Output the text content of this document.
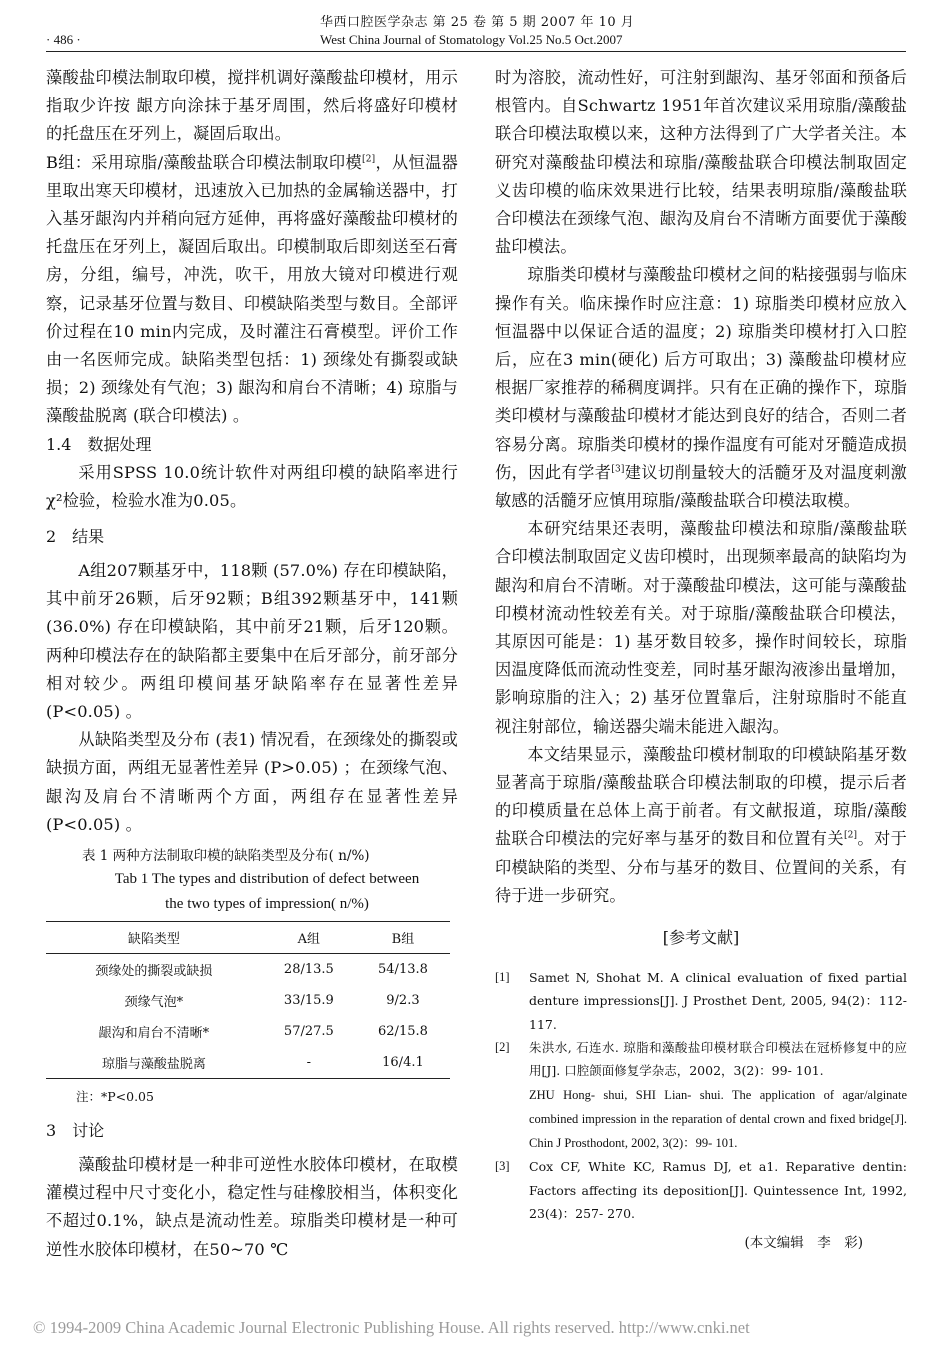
华西口腔医学杂志 第 25 卷 第 5 期 2007 年 10 月
· 486 ·	West China Journal of Stomatology Vol.25 No.5 Oct.2007

藻酸盐印模法制取印模，搅拌机调好藻酸盐印模材，用示指取少许按 龈方向涂抹于基牙周围，然后将盛好印模材的托盘压在牙列上，凝固后取出。

B组：采用琼脂/藻酸盐联合印模法制取印模[2]，从恒温器里取出寒天印模材，迅速放入已加热的金属输送器中，打入基牙龈沟内并稍向冠方延伸，再将盛好藻酸盐印模材的托盘压在牙列上，凝固后取出。印模制取后即刻送至石膏房，分组，编号，冲洗，吹干，用放大镜对印模进行观察，记录基牙位置与数目、印模缺陷类型与数目。全部评价过程在10 min内完成，及时灌注石膏模型。评价工作由一名医师完成。缺陷类型包括：1) 颈缘处有撕裂或缺损；2) 颈缘处有气泡；3) 龈沟和肩台不清晰；4) 琼脂与藻酸盐脱离 (联合印模法) 。

1.4　数据处理

采用SPSS 10.0统计软件对两组印模的缺陷率进行χ²检验，检验水准为0.05。

2　结果

A组207颗基牙中，118颗 (57.0%) 存在印模缺陷，其中前牙26颗，后牙92颗；B组392颗基牙中，141颗 (36.0%) 存在印模缺陷，其中前牙21颗，后牙120颗。两种印模法存在的缺陷都主要集中在后牙部分，前牙部分相对较少。两组印模间基牙缺陷率存在显著性差异 (P<0.05) 。

从缺陷类型及分布 (表1) 情况看，在颈缘处的撕裂或缺损方面，两组无显著性差异 (P>0.05) ；在颈缘气泡、龈沟及肩台不清晰两个方面，两组存在显著性差异 (P<0.05) 。

表 1 两种方法制取印模的缺陷类型及分布( n/%)

Tab 1 The types and distribution of defect between

the two types of impression( n/%)

缺陷类型	A组	B组
颈缘处的撕裂或缺损	28/13.5	54/13.8
颈缘气泡*	33/15.9	9/2.3
龈沟和肩台不清晰*	57/27.5	62/15.8
琼脂与藻酸盐脱离	-	16/4.1

注：*P<0.05

3　讨论

藻酸盐印模材是一种非可逆性水胶体印模材，在取模灌模过程中尺寸变化小，稳定性与硅橡胶相当，体积变化不超过0.1%，缺点是流动性差。琼脂类印模材是一种可逆性水胶体印模材，在50~70 ℃

时为溶胶，流动性好，可注射到龈沟、基牙邻面和预备后根管内。自Schwartz 1951年首次建议采用琼脂/藻酸盐联合印模法取模以来，这种方法得到了广大学者关注。本研究对藻酸盐印模法和琼脂/藻酸盐联合印模法制取固定义齿印模的临床效果进行比较，结果表明琼脂/藻酸盐联合印模法在颈缘气泡、龈沟及肩台不清晰方面要优于藻酸盐印模法。

琼脂类印模材与藻酸盐印模材之间的粘接强弱与临床操作有关。临床操作时应注意：1) 琼脂类印模材应放入恒温器中以保证合适的温度；2) 琼脂类印模材打入口腔后，应在3 min(硬化) 后方可取出；3) 藻酸盐印模材应根据厂家推荐的稀稠度调拌。只有在正确的操作下，琼脂类印模材与藻酸盐印模材才能达到良好的结合，否则二者容易分离。琼脂类印模材的操作温度有可能对牙髓造成损伤，因此有学者[3]建议切削量较大的活髓牙及对温度刺激敏感的活髓牙应慎用琼脂/藻酸盐联合印模法取模。

本研究结果还表明，藻酸盐印模法和琼脂/藻酸盐联合印模法制取固定义齿印模时，出现频率最高的缺陷均为龈沟和肩台不清晰。对于藻酸盐印模法，这可能与藻酸盐印模材流动性较差有关。对于琼脂/藻酸盐联合印模法，其原因可能是：1) 基牙数目较多，操作时间较长，琼脂因温度降低而流动性变差，同时基牙龈沟液渗出量增加，影响琼脂的注入；2) 基牙位置靠后，注射琼脂时不能直视注射部位，输送器尖端未能进入龈沟。

本文结果显示，藻酸盐印模材制取的印模缺陷基牙数显著高于琼脂/藻酸盐联合印模法制取的印模，提示后者的印模质量在总体上高于前者。有文献报道，琼脂/藻酸盐联合印模法的完好率与基牙的数目和位置有关[2]。对于印模缺陷的类型、分布与基牙的数目、位置间的关系，有待于进一步研究。

[参考文献]

[1]	Samet N, Shohat M. A clinical evaluation of fixed partial denture impressions[J]. J Prosthet Dent, 2005, 94(2)：112- 117.
[2]	朱洪水, 石连水. 琼脂和藻酸盐印模材联合印模法在冠桥修复中的应用[J]. 口腔颌面修复学杂志，2002，3(2)：99- 101.
ZHU Hong- shui, SHI Lian- shui. The application of agar/alginate combined impression in the reparation of dental crown and fixed bridge[J]. Chin J Prosthodont, 2002, 3(2)：99- 101.
[3]	Cox CF, White KC, Ramus DJ, et a1. Reparative dentin: Factors affecting its deposition[J]. Quintessence Int, 1992, 23(4)：257- 270.

(本文编辑　李　彩)

© 1994-2009 China Academic Journal Electronic Publishing House. All rights reserved. http://www.cnki.net
